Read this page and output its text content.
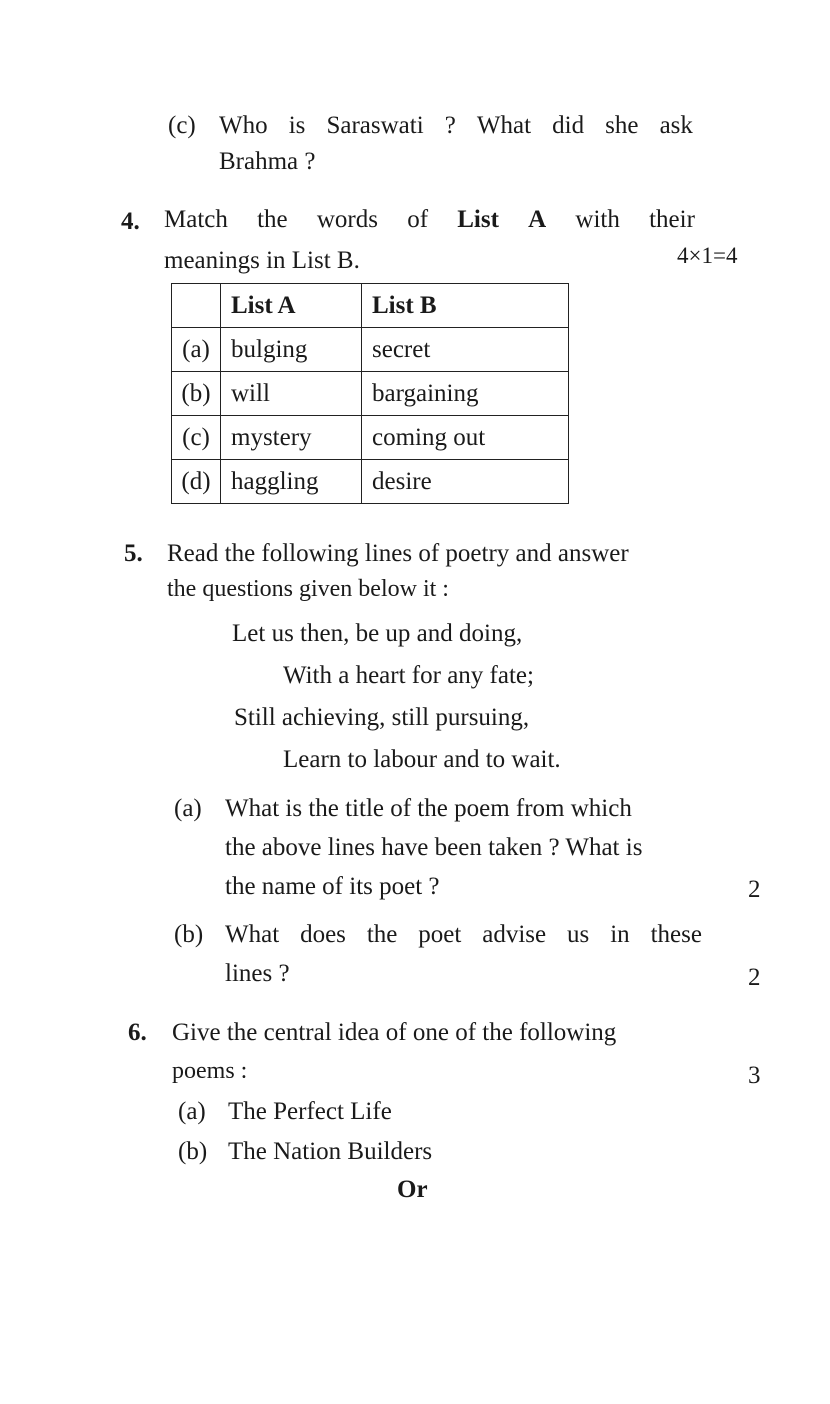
(c) Who is Saraswati ? What did she ask
Brahma ?
4. Match the words of List A with their
meanings in List B.	4×1=4
	List A	List B
(a)	bulging	secret
(b)	will	bargaining
(c)	mystery	coming out
(d)	haggling	desire
5. Read the following lines of poetry and answer
the questions given below it :
Let us then, be up and doing,
With a heart for any fate;
Still achieving, still pursuing,
Learn to labour and to wait.
(a) What is the title of the poem from which
the above lines have been taken ? What is
the name of its poet ?	2
(b) What does the poet advise us in these
lines ?	2
6. Give the central idea of one of the following
poems :	3
(a) The Perfect Life
(b) The Nation Builders
Or
